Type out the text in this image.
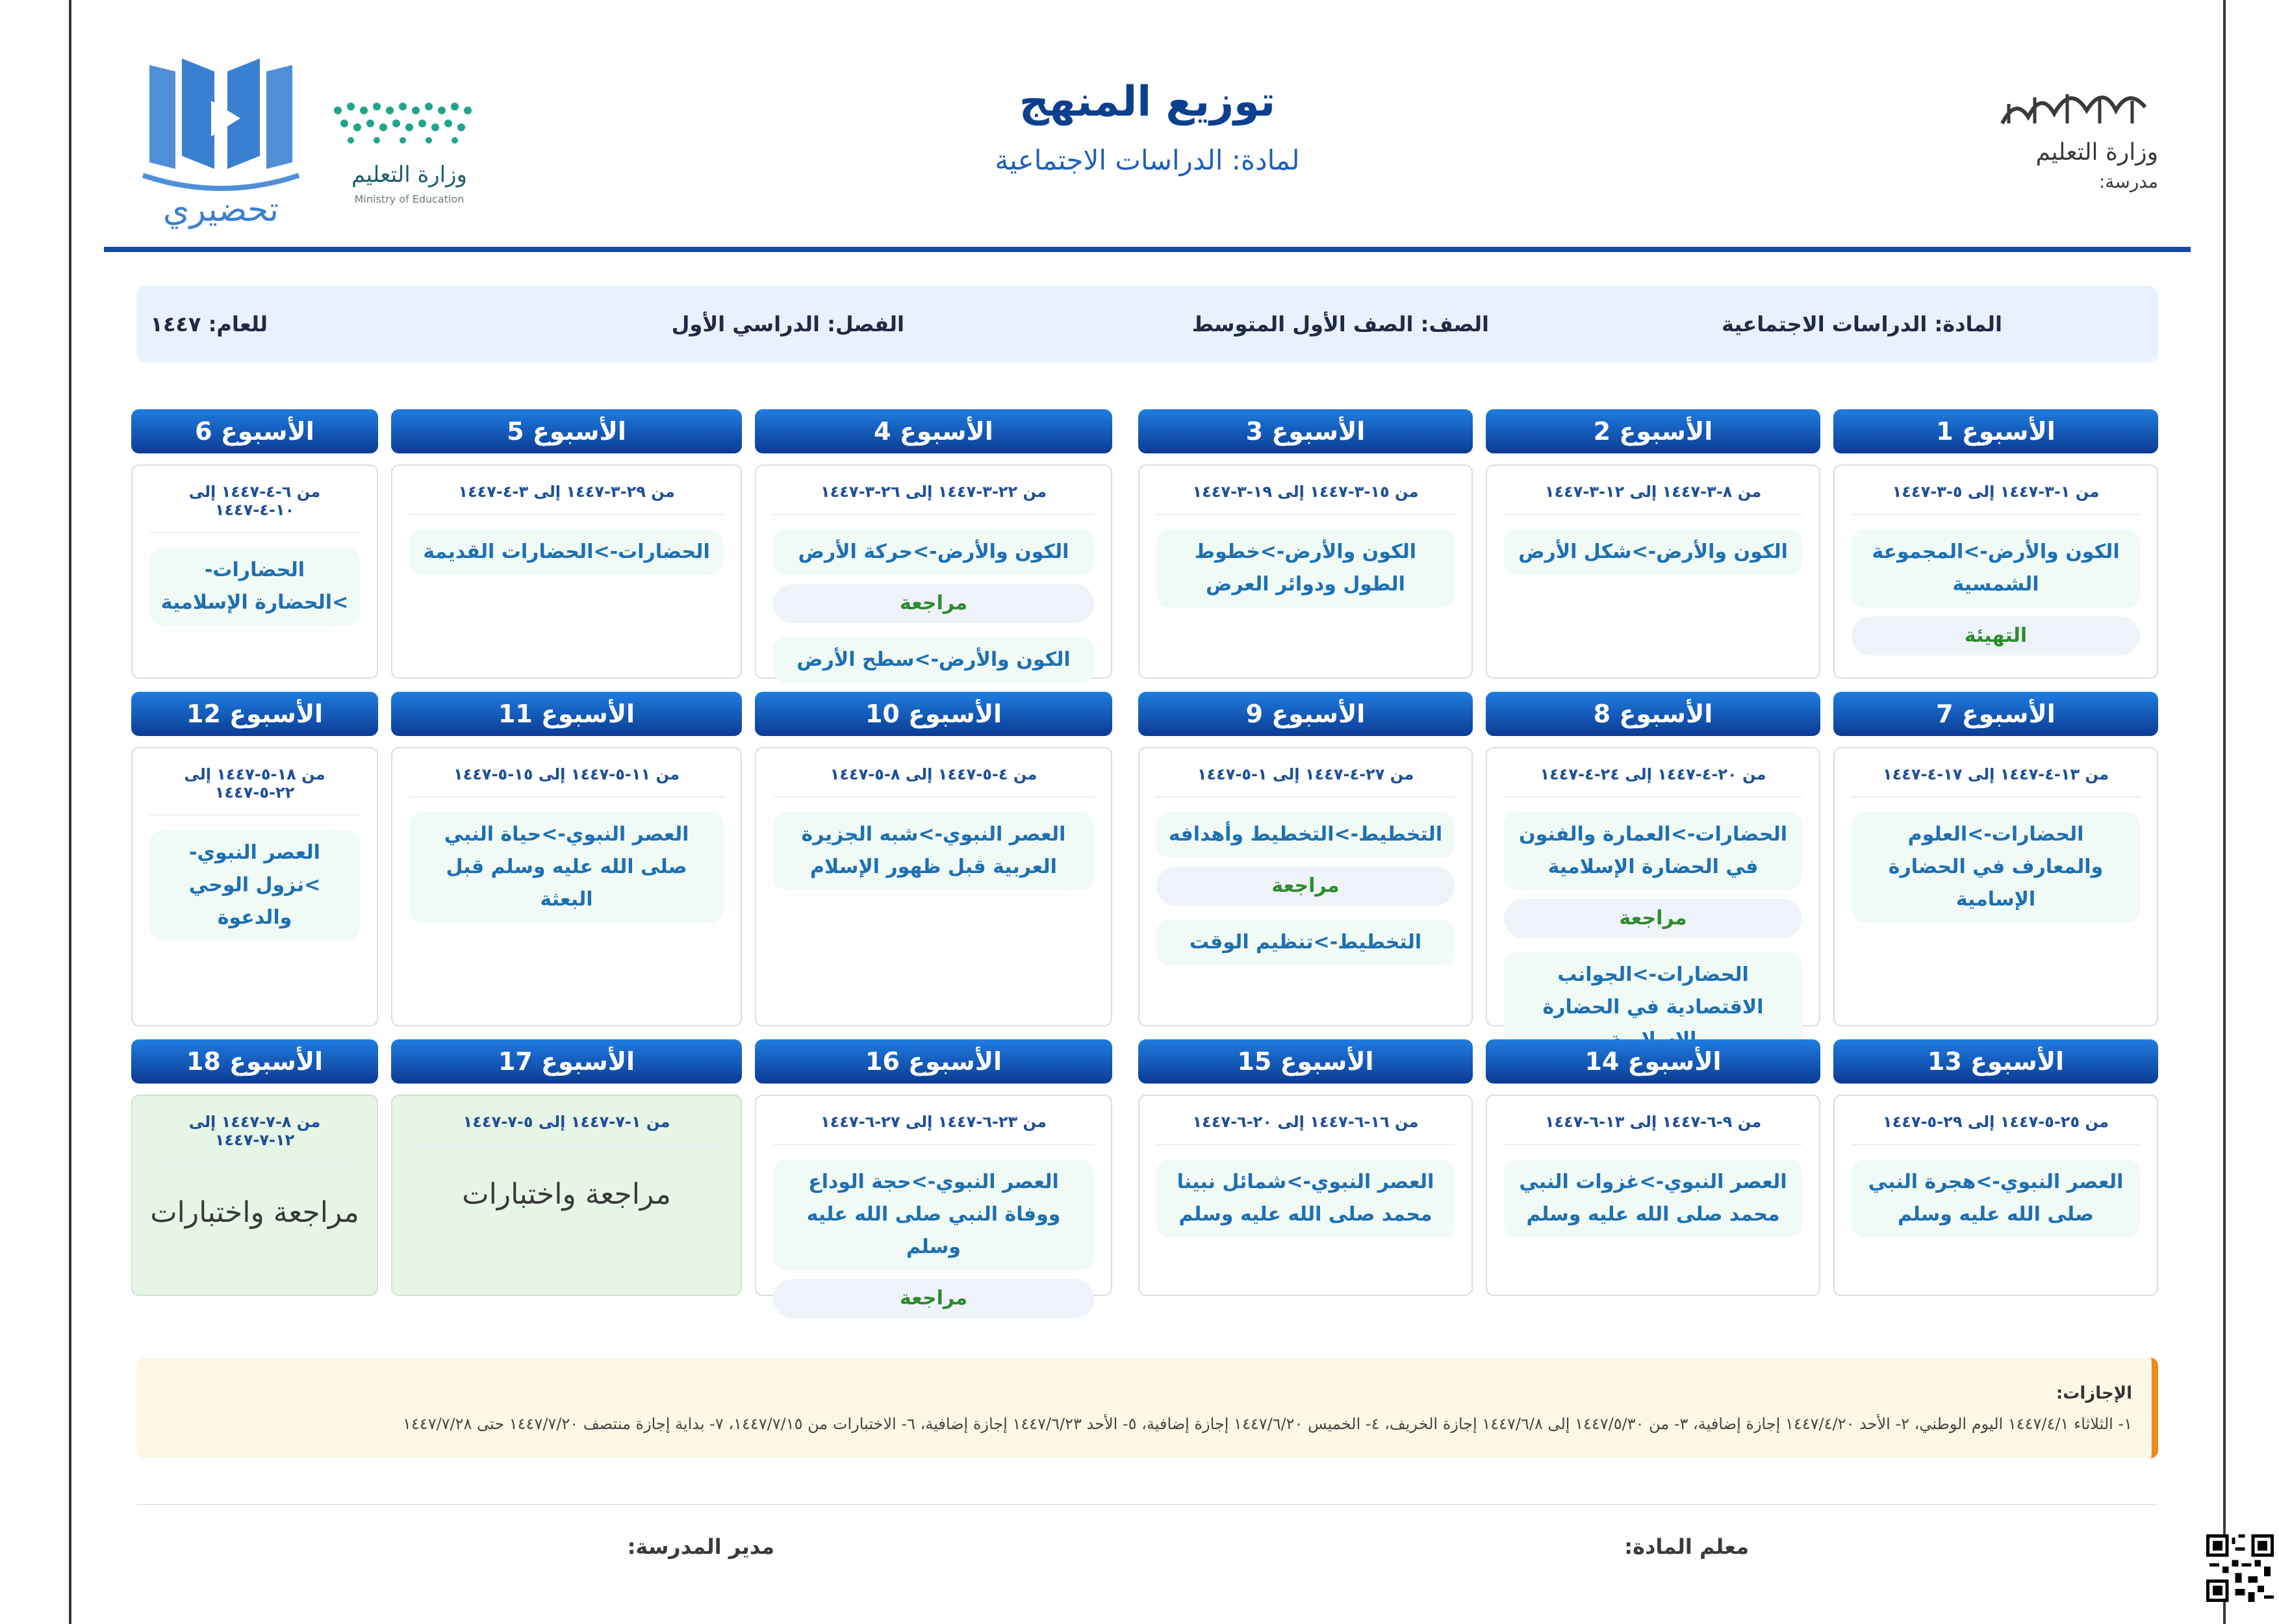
وزارة التعليم
مدرسة:
توزيع المنهج
لمادة: الدراسات الاجتماعية
وزارة التعليم
Ministry of Education
تحضيري
المادة: الدراسات الاجتماعية
الصف: الصف الأول المتوسط
الفصل: الدراسي الأول
للعام: ١٤٤٧
الإجازات:
١- الثلاثاء ١٤٤٧/٤/١ اليوم الوطني، ٢- الأحد ١٤٤٧/٤/٢٠ إجازة إضافية، ٣- من ١٤٤٧/٥/٣٠ إلى ١٤٤٧/٦/٨ إجازة الخريف، ٤- الخميس ١٤٤٧/٦/٢٠ إجازة إضافية، ٥- الأحد ١٤٤٧/٦/٢٣ إجازة إضافية، ٦- الاختبارات من ١٤٤٧/٧/١٥، ٧- بداية إجازة منتصف ١٤٤٧/٧/٢٠ حتى ١٤٤٧/٧/٢٨
معلم المادة:
مدير المدرسة:
الأسبوع 1
من ١-٣-١٤٤٧ إلى ٥-٣-١٤٤٧
الكون والأرض->المجموعة الشمسية
التهيئة
الأسبوع 2
من ٨-٣-١٤٤٧ إلى ١٢-٣-١٤٤٧
الكون والأرض->شكل الأرض
الأسبوع 3
من ١٥-٣-١٤٤٧ إلى ١٩-٣-١٤٤٧
الكون والأرض->خطوط الطول ودوائر العرض
الأسبوع 4
من ٢٢-٣-١٤٤٧ إلى ٢٦-٣-١٤٤٧
الكون والأرض->حركة الأرض
مراجعة
الكون والأرض->سطح الأرض
الأسبوع 5
من ٢٩-٣-١٤٤٧ إلى ٣-٤-١٤٤٧
الحضارات->الحضارات القديمة
الأسبوع 6
من ٦-٤-١٤٤٧ إلى ١٠-٤-١٤٤٧
الحضارات->الحضارة الإسلامية
الأسبوع 7
من ١٣-٤-١٤٤٧ إلى ١٧-٤-١٤٤٧
الحضارات->العلوم والمعارف في الحضارة الإسامية
الأسبوع 8
من ٢٠-٤-١٤٤٧ إلى ٢٤-٤-١٤٤٧
الحضارات->العمارة والفنون في الحضارة الإسلامية
مراجعة
الحضارات->الجوانب الاقتصادية في الحضارة
الأسبوع 9
من ٢٧-٤-١٤٤٧ إلى ١-٥-١٤٤٧
التخطيط->التخطيط وأهدافه
مراجعة
التخطيط->تنظيم الوقت
الأسبوع 10
من ٤-٥-١٤٤٧ إلى ٨-٥-١٤٤٧
العصر النبوي->شبه الجزيرة العربية قبل ظهور الإسلام
الأسبوع 11
من ١١-٥-١٤٤٧ إلى ١٥-٥-١٤٤٧
العصر النبوي->حياة النبي صلى الله عليه وسلم قبل البعثة
الأسبوع 12
من ١٨-٥-١٤٤٧ إلى ٢٢-٥-١٤٤٧
العصر النبوي->نزول الوحي والدعوة
الأسبوع 13
من ٢٥-٥-١٤٤٧ إلى ٢٩-٥-١٤٤٧
العصر النبوي->هجرة النبي صلى الله عليه وسلم
الأسبوع 14
من ٩-٦-١٤٤٧ إلى ١٣-٦-١٤٤٧
العصر النبوي->غزوات النبي محمد صلى الله عليه وسلم
الأسبوع 15
من ١٦-٦-١٤٤٧ إلى ٢٠-٦-١٤٤٧
العصر النبوي->شمائل نبينا محمد صلى الله عليه وسلم
الأسبوع 16
من ٢٣-٦-١٤٤٧ إلى ٢٧-٦-١٤٤٧
العصر النبوي->حجة الوداع ووفاة النبي صلى الله عليه وسلم
مراجعة
الأسبوع 17
من ١-٧-١٤٤٧ إلى ٥-٧-١٤٤٧
مراجعة واختبارات
الأسبوع 18
من ٨-٧-١٤٤٧ إلى ١٢-٧-١٤٤٧
مراجعة واختبارات
